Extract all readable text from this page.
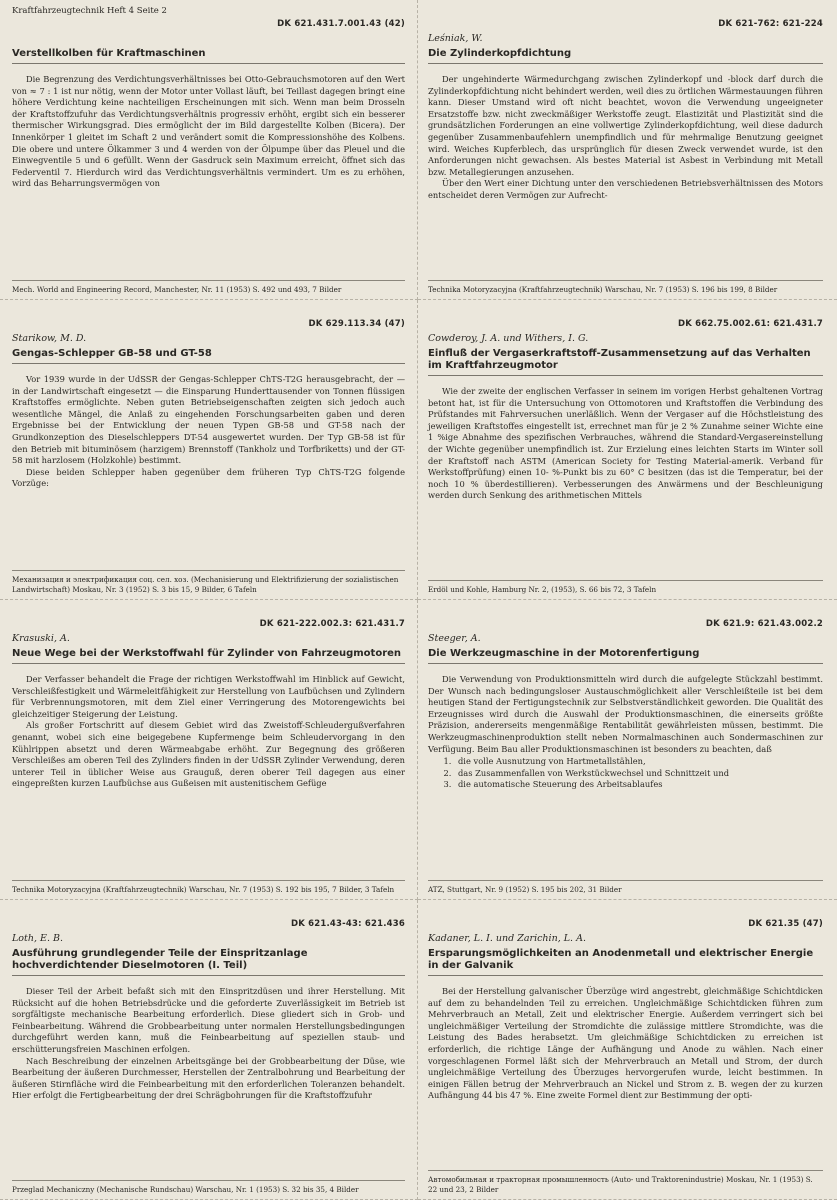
Kraftfahrzeugtechnik Heft 4 Seite 2
DK 621.431.7.001.43 (42)
Verstellkolben für Kraftmaschinen
Die Begrenzung des Verdichtungsverhältnisses bei Otto-Gebrauchsmotoren auf den Wert von ≈ 7 : 1 ist nur nötig, wenn der Motor unter Vollast läuft, bei Teillast dagegen bringt eine höhere Verdichtung keine nachteiligen Erscheinungen mit sich. Wenn man beim Drosseln der Kraftstoffzufuhr das Verdichtungsverhältnis progressiv erhöht, ergibt sich ein besserer thermischer Wirkungsgrad. Dies ermöglicht der im Bild dargestellte Kolben (Bicera). Der Innenkörper 1 gleitet im Schaft 2 und verändert somit die Kompressionshöhe des Kolbens. Die obere und untere Ölkammer 3 und 4 werden von der Ölpumpe über das Pleuel und die Einwegventile 5 und 6 gefüllt. Wenn der Gasdruck sein Maximum erreicht, öffnet sich das Federventil 7. Hierdurch wird das Verdichtungsverhältnis vermindert. Um es zu erhöhen, wird das Beharrungsvermögen von
Mech. World and Engineering Record, Manchester, Nr. 11 (1953) S. 492 und 493, 7 Bilder
DK 621-762: 621-224
Leśniak, W.
Die Zylinderkopfdichtung
Der ungehinderte Wärmedurchgang zwischen Zylinderkopf und -block darf durch die Zylinderkopfdichtung nicht behindert werden, weil dies zu örtlichen Wärmestauungen führen kann. Dieser Umstand wird oft nicht beachtet, wovon die Verwendung ungeeigneter Ersatzstoffe bzw. nicht zweckmäßiger Werkstoffe zeugt. Elastizität und Plastizität sind die grundsätzlichen Forderungen an eine vollwertige Zylinderkopfdichtung, weil diese dadurch gegenüber Zusammenbaufehlern unempfindlich und für mehrmalige Benutzung geeignet wird. Weiches Kupferblech, das ursprünglich für diesen Zweck verwendet wurde, ist den Anforderungen nicht gewachsen. Als bestes Material ist Asbest in Verbindung mit Metall bzw. Metallegierungen anzusehen.
Über den Wert einer Dichtung unter den verschiedenen Betriebsverhältnissen des Motors entscheidet deren Vermögen zur Aufrecht-
Technika Motoryzacyjna (Kraftfahrzeugtechnik) Warschau, Nr. 7 (1953) S. 196 bis 199, 8 Bilder
DK 629.113.34 (47)
Starikow, M. D.
Gengas-Schlepper GB-58 und GT-58
Vor 1939 wurde in der UdSSR der Gengas-Schlepper ChTS-T2G herausgebracht, der — in der Landwirtschaft eingesetzt — die Einsparung Hunderttausender von Tonnen flüssigen Kraftstoffes ermöglichte. Neben guten Betriebseigenschaften zeigten sich jedoch auch wesentliche Mängel, die Anlaß zu eingehenden Forschungsarbeiten gaben und deren Ergebnisse bei der Entwicklung der neuen Typen GB-58 und GT-58 nach der Grundkonzeption des Dieselschleppers DT-54 ausgewertet wurden. Der Typ GB-58 ist für den Betrieb mit bituminösem (harzigem) Brennstoff (Tankholz und Torfbriketts) und der GT-58 mit harzlosem (Holzkohle) bestimmt.
Diese beiden Schlepper haben gegenüber dem früheren Typ ChTS-T2G folgende Vorzüge:
Механизация и электрификация соц. сел. хоз. (Mechanisierung und Elektrifizierung der sozialistischen Landwirtschaft) Moskau, Nr. 3 (1952) S. 3 bis 15, 9 Bilder, 6 Tafeln
DK 662.75.002.61: 621.431.7
Cowderoy, J. A. und Withers, I. G.
Einfluß der Vergaserkraftstoff-Zusammensetzung auf das Verhalten im Kraftfahrzeugmotor
Wie der zweite der englischen Verfasser in seinem im vorigen Herbst gehaltenen Vortrag betont hat, ist für die Untersuchung von Ottomotoren und Kraftstoffen die Verbindung des Prüfstandes mit Fahrversuchen unerläßlich. Wenn der Vergaser auf die Höchstleistung des jeweiligen Kraftstoffes eingestellt ist, errechnet man für je 2 % Zunahme seiner Wichte eine 1 %ige Abnahme des spezifischen Verbrauches, während die Standard-Vergasereinstellung der Wichte gegenüber unempfindlich ist. Zur Erzielung eines leichten Starts im Winter soll der Kraftstoff nach ASTM (American Society for Testing Material-amerik. Verband für Werkstoffprüfung) einen 10- %-Punkt bis zu 60° C besitzen (das ist die Temperatur, bei der noch 10 % überdestillieren). Verbesserungen des Anwärmens und der Beschleunigung werden durch Senkung des arithmetischen Mittels
Erdöl und Kohle, Hamburg Nr. 2, (1953), S. 66 bis 72, 3 Tafeln
DK 621-222.002.3: 621.431.7
Krasuski, A.
Neue Wege bei der Werkstoffwahl für Zylinder von Fahrzeugmotoren
Der Verfasser behandelt die Frage der richtigen Werkstoffwahl im Hinblick auf Gewicht, Verschleißfestigkeit und Wärmeleitfähigkeit zur Herstellung von Laufbüchsen und Zylindern für Verbrennungsmotoren, mit dem Ziel einer Verringerung des Motorengewichts bei gleichzeitiger Steigerung der Leistung.
Als großer Fortschritt auf diesem Gebiet wird das Zweistoff-Schleudergußverfahren genannt, wobei sich eine beigegebene Kupfermenge beim Schleudervorgang in den Kühlrippen absetzt und deren Wärmeabgabe erhöht. Zur Begegnung des größeren Verschleißes am oberen Teil des Zylinders finden in der UdSSR Zylinder Verwendung, deren unterer Teil in üblicher Weise aus Grauguß, deren oberer Teil dagegen aus einer eingepreßten kurzen Laufbüchse aus Gußeisen mit austenitischem Gefüge
Technika Motoryzacyjna (Kraftfahrzeugtechnik) Warschau, Nr. 7 (1953) S. 192 bis 195, 7 Bilder, 3 Tafeln
DK 621.9: 621.43.002.2
Steeger, A.
Die Werkzeugmaschine in der Motorenfertigung
Die Verwendung von Produktionsmitteln wird durch die aufgelegte Stückzahl bestimmt. Der Wunsch nach bedingungsloser Austauschmöglichkeit aller Verschleißteile ist bei dem heutigen Stand der Fertigungstechnik zur Selbstverständlichkeit geworden. Die Qualität des Erzeugnisses wird durch die Auswahl der Produktionsmaschinen, die einerseits größte Präzision, andererseits mengenmäßige Rentabilität gewährleisten müssen, bestimmt. Die Werkzeugmaschinenproduktion stellt neben Normalmaschinen auch Sondermaschinen zur Verfügung. Beim Bau aller Produktionsmaschinen ist besonders zu beachten, daß
1. die volle Ausnutzung von Hartmetallstählen,
2. das Zusammenfallen von Werkstückwechsel und Schnittzeit und
3. die automatische Steuerung des Arbeitsablaufes
ATZ, Stuttgart, Nr. 9 (1952) S. 195 bis 202, 31 Bilder
DK 621.43-43: 621.436
Loth, E. B.
Ausführung grundlegender Teile der Einspritzanlage hochverdichtender Dieselmotoren (I. Teil)
Dieser Teil der Arbeit befaßt sich mit den Einspritzdüsen und ihrer Herstellung. Mit Rücksicht auf die hohen Betriebsdrücke und die geforderte Zuverlässigkeit im Betrieb ist sorgfältigste mechanische Bearbeitung erforderlich. Diese gliedert sich in Grob- und Feinbearbeitung. Während die Grobbearbeitung unter normalen Herstellungsbedingungen durchgeführt werden kann, muß die Feinbearbeitung auf speziellen staub- und erschütterungsfreien Maschinen erfolgen.
Nach Beschreibung der einzelnen Arbeitsgänge bei der Grobbearbeitung der Düse, wie Bearbeitung der äußeren Durchmesser, Herstellen der Zentralbohrung und Bearbeitung der äußeren Stirnfläche wird die Feinbearbeitung mit den erforderlichen Toleranzen behandelt. Hier erfolgt die Fertigbearbeitung der drei Schrägbohrungen für die Kraftstoffzufuhr
Przeglad Mechaniczny (Mechanische Rundschau) Warschau, Nr. 1 (1953) S. 32 bis 35, 4 Bilder
DK 621.35 (47)
Kadaner, L. I. und Zarichin, L. A.
Ersparungsmöglichkeiten an Anodenmetall und elektrischer Energie in der Galvanik
Bei der Herstellung galvanischer Überzüge wird angestrebt, gleichmäßige Schichtdicken auf dem zu behandelnden Teil zu erreichen. Ungleichmäßige Schichtdicken führen zum Mehrverbrauch an Metall, Zeit und elektrischer Energie. Außerdem verringert sich bei ungleichmäßiger Verteilung der Stromdichte die zulässige mittlere Stromdichte, was die Leistung des Bades herabsetzt. Um gleichmäßige Schichtdicken zu erreichen ist erforderlich, die richtige Länge der Aufhängung und Anode zu wählen. Nach einer vorgeschlagenen Formel läßt sich der Mehrverbrauch an Metall und Strom, der durch ungleichmäßige Verteilung des Überzuges hervorgerufen wurde, leicht bestimmen. In einigen Fällen betrug der Mehrverbrauch an Nickel und Strom z. B. wegen der zu kurzen Aufhängung 44 bis 47 %. Eine zweite Formel dient zur Bestimmung der opti-
Автомобильная и тракторная промышленность (Auto- und Traktorenindustrie) Moskau, Nr. 1 (1953) S. 22 und 23, 2 Bilder
